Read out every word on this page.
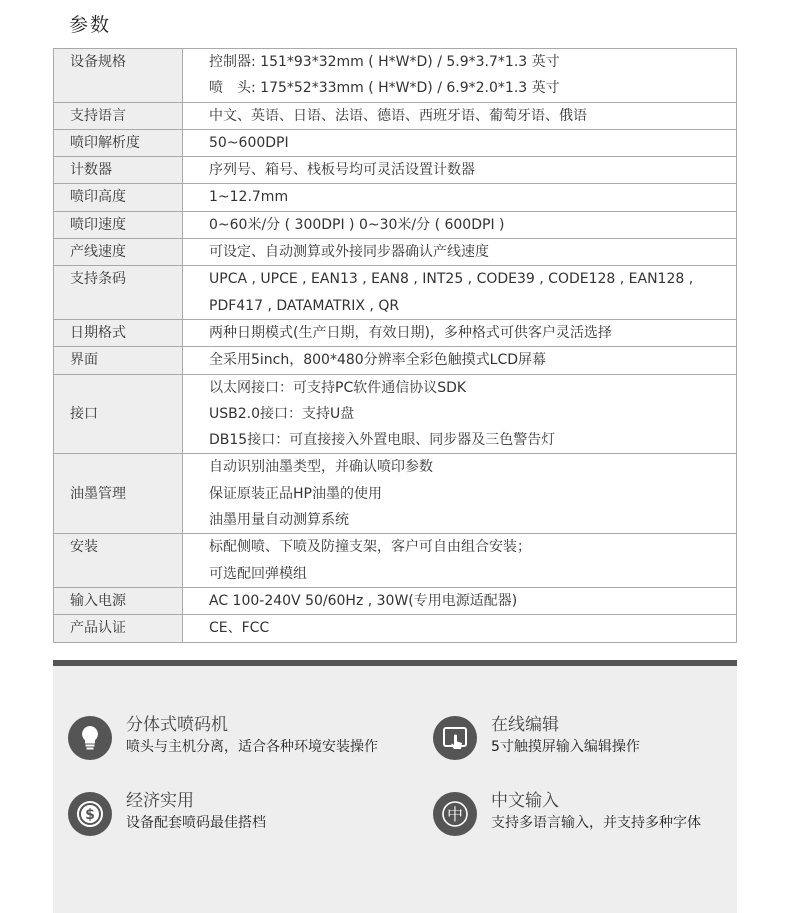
参数
设备规格	控制器: 151*93*32mm ( H*W*D) / 5.9*3.7*1.3 英寸
喷　头: 175*52*33mm ( H*W*D) / 6.9*2.0*1.3 英寸

支持语言	中文、英语、日语、法语、德语、西班牙语、葡萄牙语、俄语

喷印解析度	50~600DPI

计数器	序列号、箱号、栈板号均可灵活设置计数器

喷印高度	1~12.7mm

喷印速度	0~60米/分 ( 300DPI ) 0~30米/分 ( 600DPI )

产线速度	可设定、自动测算或外接同步器确认产线速度

支持条码	UPCA , UPCE , EAN13 , EAN8 , INT25 , CODE39 , CODE128 , EAN128 ,
PDF417 , DATAMATRIX , QR

日期格式	两种日期模式(生产日期，有效日期)，多种格式可供客户灵活选择

界面	全采用5inch，800*480分辨率全彩色触摸式LCD屏幕

接口	以太网接口：可支持PC软件通信协议SDK
USB2.0接口：支持U盘
DB15接口：可直接接入外置电眼、同步器及三色警告灯

油墨管理	自动识别油墨类型，并确认喷印参数
保证原装正品HP油墨的使用
油墨用量自动测算系统

安装	标配侧喷、下喷及防撞支架，客户可自由组合安装；
可选配回弹模组

输入电源	AC 100-240V 50/60Hz , 30W(专用电源适配器)

产品认证	CE、FCC
分体式喷码机
喷头与主机分离，适合各种环境安装操作
在线编辑
5寸触摸屏输入编辑操作
$
经济实用
设备配套喷码最佳搭档	中
中文输入
支持多语言输入，并支持多种字体
